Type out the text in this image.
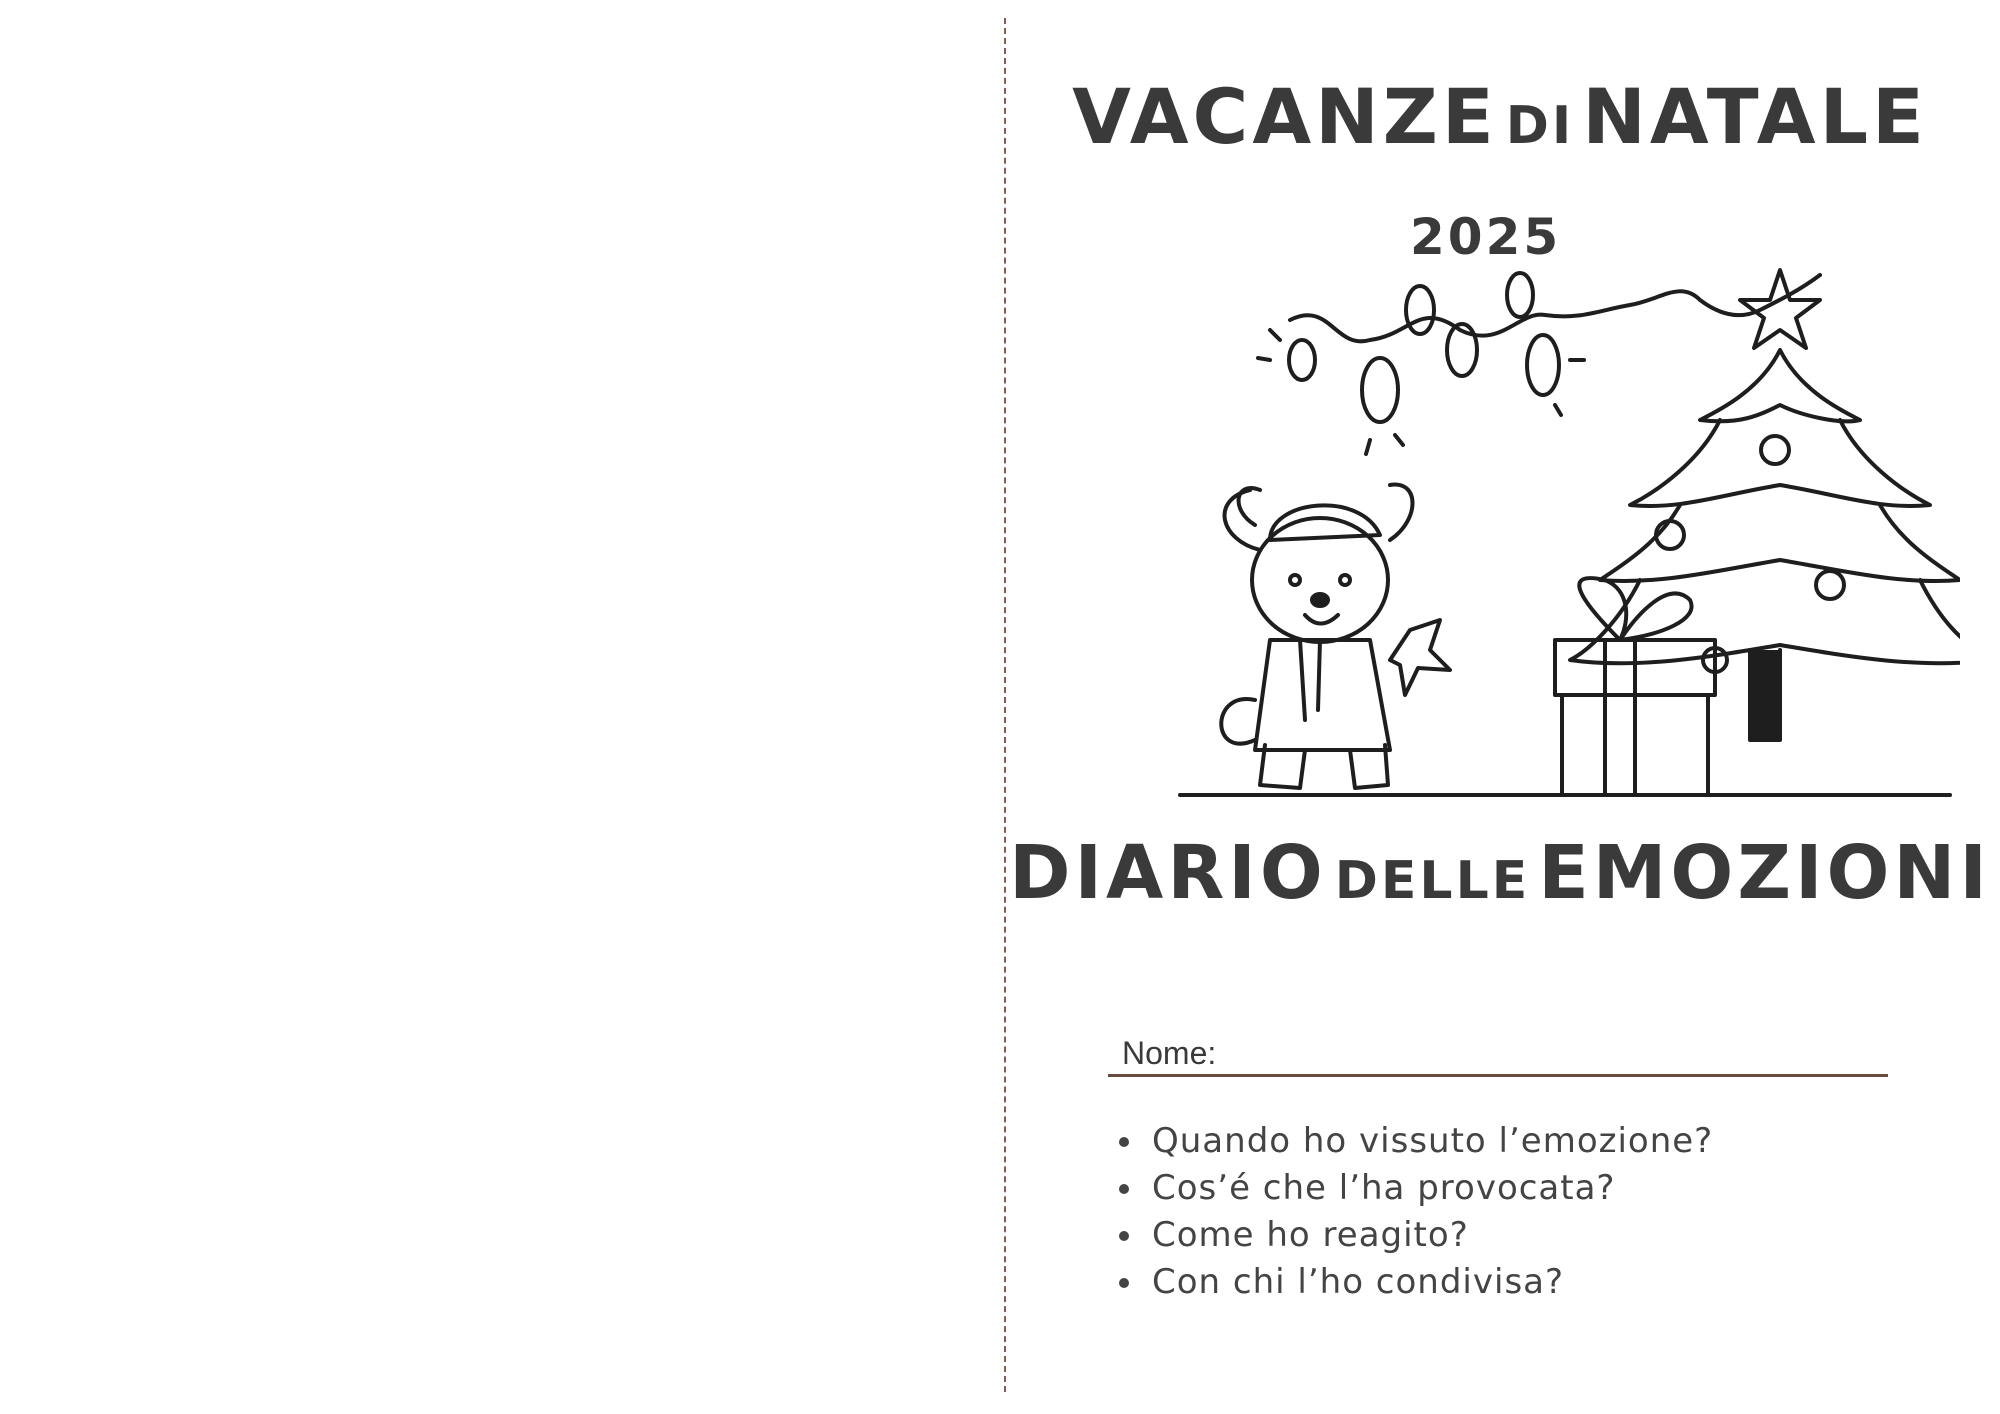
VACANZE DI NATALE
2025
DIARIO DELLE EMOZIONI
Nome:
• Quando ho vissuto l’emozione?
• Cos’é che l’ha provocata?
• Come ho reagito?
• Con chi l’ho condivisa?
